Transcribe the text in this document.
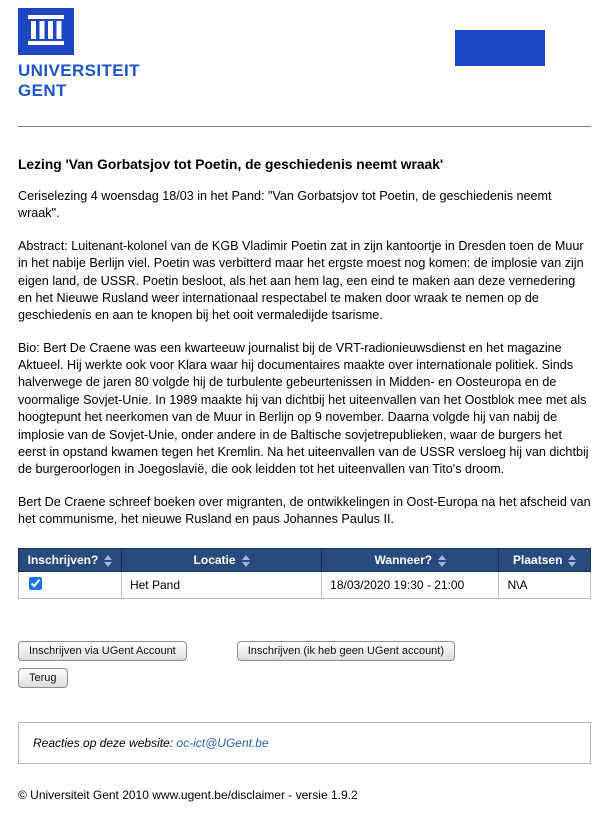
UNIVERSITEIT
GENT
Lezing 'Van Gorbatsjov tot Poetin, de geschiedenis neemt wraak'

Ceriselezing 4 woensdag 18/03 in het Pand: "Van Gorbatsjov tot Poetin, de geschiedenis neemt wraak".

Abstract: Luitenant-kolonel van de KGB Vladimir Poetin zat in zijn kantoortje in Dresden toen de Muur in het nabije Berlijn viel. Poetin was verbitterd maar het ergste moest nog komen: de implosie van zijn eigen land, de USSR. Poetin besloot, als het aan hem lag, een eind te maken aan deze vernedering en het Nieuwe Rusland weer internationaal respectabel te maken door wraak te nemen op de geschiedenis en aan te knopen bij het ooit vermaledijde tsarisme.

Bio: Bert De Craene was een kwarteeuw journalist bij de VRT-radionieuwsdienst en het magazine Aktueel. Hij werkte ook voor Klara waar hij documentaires maakte over internationale politiek. Sinds halverwege de jaren 80 volgde hij de turbulente gebeurtenissen in Midden- en Oosteuropa en de voormalige Sovjet-Unie. In 1989 maakte hij van dichtbij het uiteenvallen van het Oostblok mee met als hoogtepunt het neerkomen van de Muur in Berlijn op 9 november. Daarna volgde hij van nabij de implosie van de Sovjet-Unie, onder andere in de Baltische sovjetrepublieken, waar de burgers het eerst in opstand kwamen tegen het Kremlin. Na het uiteenvallen van de USSR versloeg hij van dichtbij de burgeroorlogen in Joegoslavië, die ook leidden tot het uiteenvallen van Tito's droom.

Bert De Craene schreef boeken over migranten, de ontwikkelingen in Oost-Europa na het afscheid van het communisme, het nieuwe Rusland en paus Johannes Paulus II.

Inschrijven?	Locatie	Wanneer?	Plaatsen

	Het Pand	18/03/2020 19:30 - 21:00	N\A
Inschrijven via UGent Account	Inschrijven (ik heb geen UGent account)
Terug
Reacties op deze website: oc-ict@UGent.be
© Universiteit Gent 2010 www.ugent.be/disclaimer - versie 1.9.2
